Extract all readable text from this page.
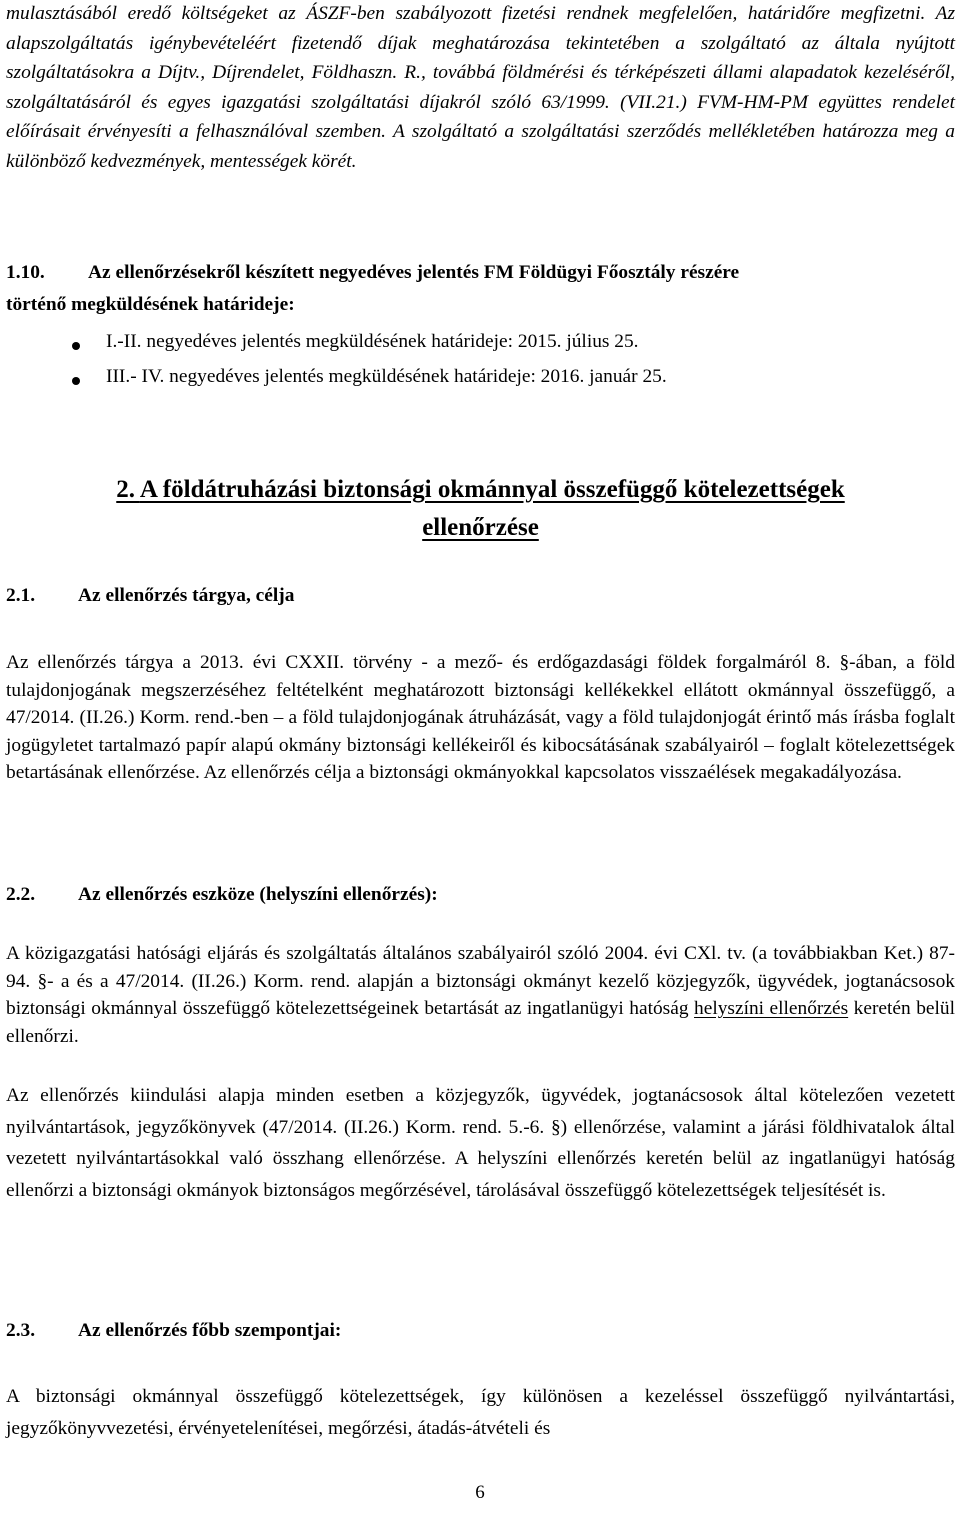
mulasztásából eredő költségeket az ÁSZF-ben szabályozott fizetési rendnek megfelelően, határidőre megfizetni. Az alapszolgáltatás igénybevételéért fizetendő díjak meghatározása tekintetében a szolgáltató az általa nyújtott szolgáltatásokra a Díjtv., Díjrendelet, Földhaszn. R., továbbá földmérési és térképészeti állami alapadatok kezeléséről, szolgáltatásáról és egyes igazgatási szolgáltatási díjakról szóló 63/1999. (VII.21.) FVM-HM-PM együttes rendelet előírásait érvényesíti a felhasználóval szemben. A szolgáltató a szolgáltatási szerződés mellékletében határozza meg a különböző kedvezmények, mentességek körét.

1.10. Az ellenőrzésekről készített negyedéves jelentés FM Földügyi Főosztály részére
történő megküldésének határideje:
I.-II. negyedéves jelentés megküldésének határideje: 2015. július 25.
III.- IV. negyedéves jelentés megküldésének határideje: 2016. január 25.
2. A földátruházási biztonsági okmánnyal összefüggő kötelezettségek
ellenőrzése
2.1. Az ellenőrzés tárgya, célja

Az ellenőrzés tárgya a 2013. évi CXXII. törvény - a mező- és erdőgazdasági földek forgalmáról 8. §-ában, a föld tulajdonjogának megszerzéséhez feltételként meghatározott biztonsági kellékekkel ellátott okmánnyal összefüggő, a 47/2014. (II.26.) Korm. rend.-ben – a föld tulajdonjogának átruházását, vagy a föld tulajdonjogát érintő más írásba foglalt jogügyletet tartalmazó papír alapú okmány biztonsági kellékeiről és kibocsátásának szabályairól – foglalt kötelezettségek betartásának ellenőrzése. Az ellenőrzés célja a biztonsági okmányokkal kapcsolatos visszaélések megakadályozása.

2.2. Az ellenőrzés eszköze (helyszíni ellenőrzés):

A közigazgatási hatósági eljárás és szolgáltatás általános szabályairól szóló 2004. évi CXl. tv. (a továbbiakban Ket.) 87-94. §- a és a 47/2014. (II.26.) Korm. rend. alapján a biztonsági okmányt kezelő közjegyzők, ügyvédek, jogtanácsosok biztonsági okmánnyal összefüggő kötelezettségeinek betartását az ingatlanügyi hatóság helyszíni ellenőrzés keretén belül ellenőrzi.

Az ellenőrzés kiindulási alapja minden esetben a közjegyzők, ügyvédek, jogtanácsosok által kötelezően vezetett nyilvántartások, jegyzőkönyvek (47/2014. (II.26.) Korm. rend. 5.-6. §) ellenőrzése, valamint a járási földhivatalok által vezetett nyilvántartásokkal való összhang ellenőrzése. A helyszíni ellenőrzés keretén belül az ingatlanügyi hatóság ellenőrzi a biztonsági okmányok biztonságos megőrzésével, tárolásával összefüggő kötelezettségek teljesítését is.

2.3. Az ellenőrzés főbb szempontjai:

A biztonsági okmánnyal összefüggő kötelezettségek, így különösen a kezeléssel összefüggő nyilvántartási, jegyzőkönyvvezetési, érvényetelenítései, megőrzési, átadás-átvételi és

6
